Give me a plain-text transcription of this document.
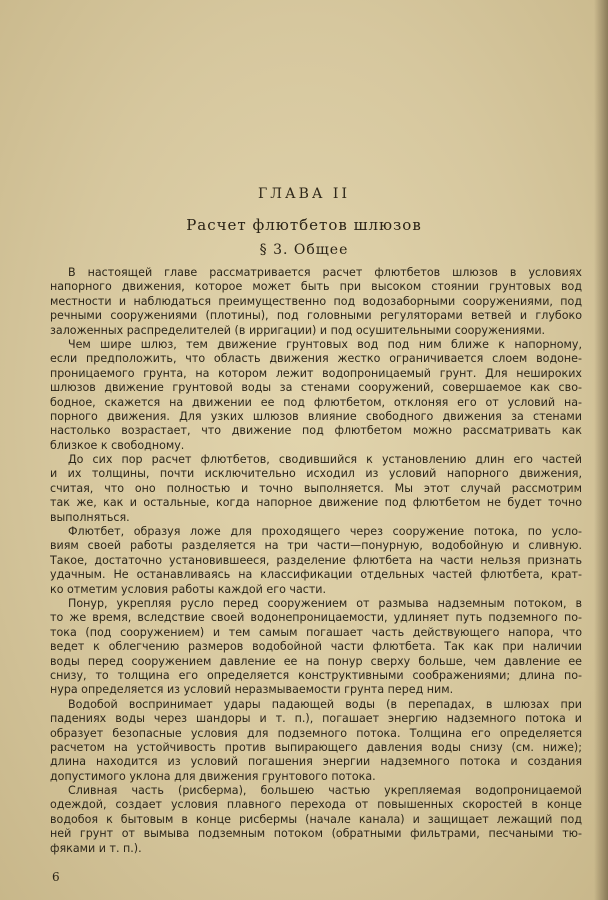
ГЛАВА II
Расчет флютбетов шлюзов
§ 3. Общее
В настоящей главе рассматривается расчет флютбетов шлюзов в условиях
напорного движения, которое может быть при высоком стоянии грунтовых вод
местности и наблюдаться преимущественно под водозаборными сооружениями, под
речными сооружениями (плотины), под головными регуляторами ветвей и глубоко
заложенных распределителей (в ирригации) и под осушительными сооружениями.
Чем шире шлюз, тем движение грунтовых вод под ним ближе к напорному,
если предположить, что область движения жестко ограничивается слоем водоне-
проницаемого грунта, на котором лежит водопроницаемый грунт. Для неширокиx
шлюзов движение грунтовой воды за стенами сооружений, совершаемое как сво-
бодное, скажется на движении ее под флютбетом, отклоняя его от условий на-
порного движения. Для узких шлюзов влияние свободного движения за стенами
настолько возрастает, что движение под флютбетом можно рассматривать как
близкое к свободному.
До сих пор расчет флютбетов, сводившийся к установлению длин его частей
и их толщины, почти исключительно исходил из условий напорного движения,
считая, что оно полностью и точно выполняется. Мы этот случай рассмотрим
так же, как и остальные, когда напорное движение под флютбетом не будет точно
выполняться.
Флютбет, образуя ложе для проходящего через сооружение потока, по усло-
виям своей работы разделяется на три части—понурную, водобойную и сливную.
Такое, достаточно установившееся, разделение флютбета на части нельзя признать
удачным. Не останавливаясь на классификации отдельных частей флютбета, крат-
ко отметим условия работы каждой его части.
Понур, укрепляя русло перед сооружением от размыва надземным потоком, в
то же время, вследствие своей водонепроницаемости, удлиняет путь подземного по-
тока (под сооружением) и тем самым погашает часть действующего напора, что
ведет к облегчению размеров водобойной части флютбета. Так как при наличии
воды перед сооружением давление ее на понур сверху больше, чем давление ее
снизу, то толщина его определяется конструктивными соображениями; длина по-
нура определяется из условий неразмываемости грунта перед ним.
Водобой воспринимает удары падающей воды (в перепадах, в шлюзах при
падениях воды через шандоры и т. п.), погашает энергию надземного потока и
образует безопасные условия для подземного потока. Толщина его определяется
расчетом на устойчивость против выпирающего давления воды снизу (см. ниже);
длина находится из условий погашения энергии надземного потока и создания
допустимого уклона для движения грунтового потока.
Сливная часть (рисберма), большею частью укрепляемая водопроницаемой
одеждой, создает условия плавного перехода от повышенных скоростей в конце
водобоя к бытовым в конце рисбермы (начале канала) и защищает лежащий под
ней грунт от вымыва подземным потоком (обратными фильтрами, песчаными тю-
фяками и т. п.).
6
